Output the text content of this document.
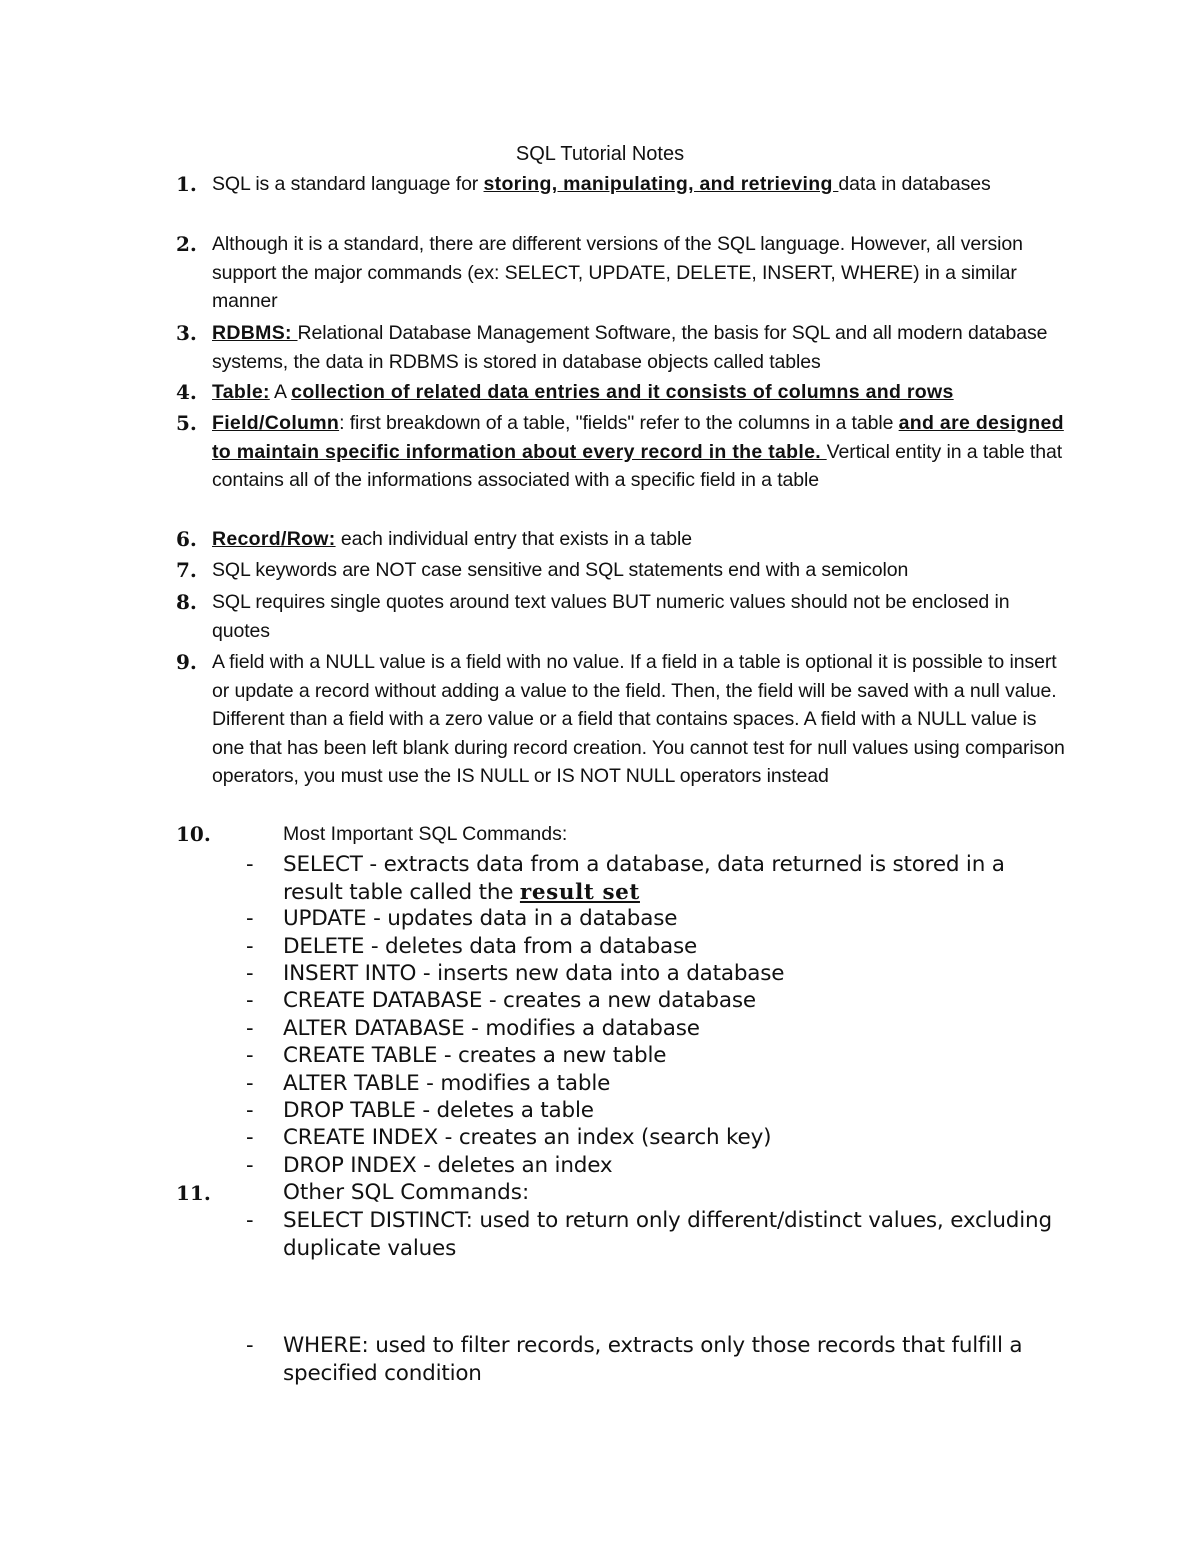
SQL Tutorial Notes
1. SQL is a standard language for storing, manipulating, and retrieving data in databases
2. Although it is a standard, there are different versions of the SQL language. However, all version support the major commands (ex: SELECT, UPDATE, DELETE, INSERT, WHERE) in a similar manner
3. RDBMS: Relational Database Management Software, the basis for SQL and all modern database systems, the data in RDBMS is stored in database objects called tables
4. Table: A collection of related data entries and it consists of columns and rows
5. Field/Column: first breakdown of a table, "fields" refer to the columns in a table and are designed to maintain specific information about every record in the table. Vertical entity in a table that contains all of the informations associated with a specific field in a table
6. Record/Row: each individual entry that exists in a table
7. SQL keywords are NOT case sensitive and SQL statements end with a semicolon
8. SQL requires single quotes around text values BUT numeric values should not be enclosed in quotes
9. A field with a NULL value is a field with no value. If a field in a table is optional it is possible to insert or update a record without adding a value to the field. Then, the field will be saved with a null value. Different than a field with a zero value or a field that contains spaces. A field with a NULL value is one that has been left blank during record creation. You cannot test for null values using comparison operators, you must use the IS NULL or IS NOT NULL operators instead
10.	Most Important SQL Commands:
-	SELECT - extracts data from a database, data returned is stored in a result table called the result set
-	UPDATE - updates data in a database
-	DELETE - deletes data from a database
-	INSERT INTO - inserts new data into a database
-	CREATE DATABASE - creates a new database
-	ALTER DATABASE - modifies a database
-	CREATE TABLE - creates a new table
-	ALTER TABLE - modifies a table
-	DROP TABLE - deletes a table
-	CREATE INDEX - creates an index (search key)
-	DROP INDEX - deletes an index
11.	Other SQL Commands:
-	SELECT DISTINCT: used to return only different/distinct values, excluding duplicate values
-	WHERE: used to filter records, extracts only those records that fulfill a specified condition
